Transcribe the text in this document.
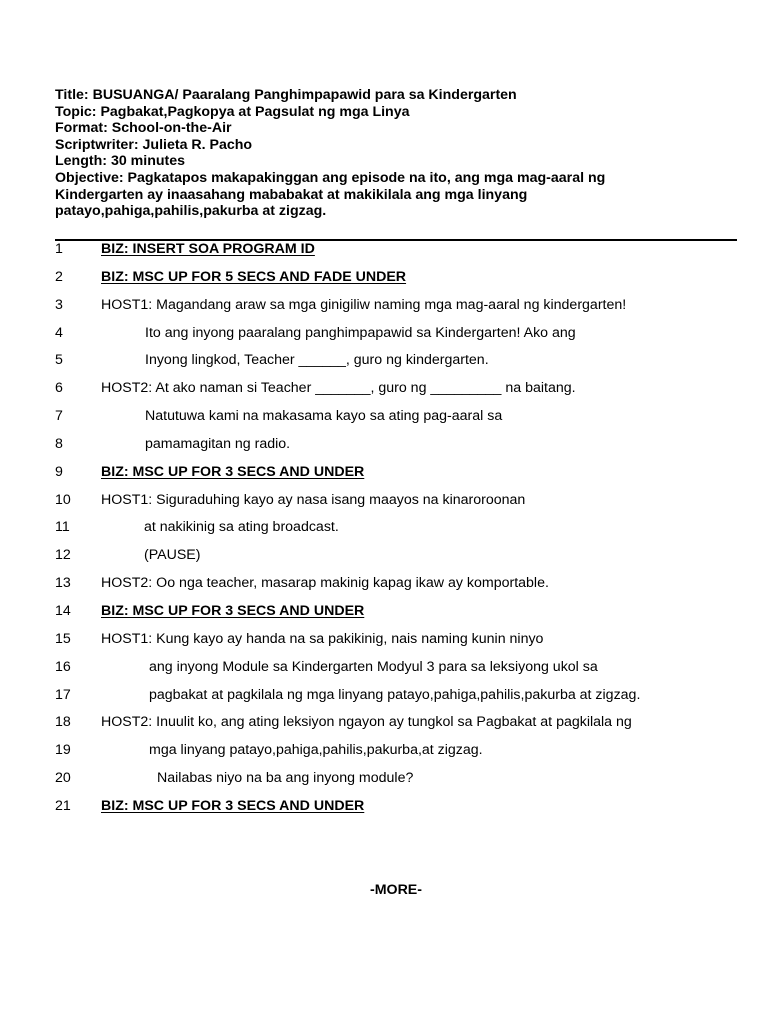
Title: BUSUANGA/ Paaralang Panghimpapawid para sa Kindergarten
Topic: Pagbakat,Pagkopya at Pagsulat ng mga Linya
Format: School-on-the-Air
Scriptwriter: Julieta R. Pacho
Length: 30 minutes
Objective: Pagkatapos makapakinggan ang episode na ito, ang mga mag-aaral ng
Kindergarten ay inaasahang mababakat at makikilala ang mga linyang
patayo,pahiga,pahilis,pakurba at zigzag.
1	BIZ: INSERT SOA PROGRAM ID
2	BIZ: MSC UP FOR 5 SECS AND FADE UNDER
3	HOST1: Magandang araw sa mga ginigiliw naming mga mag-aaral ng kindergarten!
4	Ito ang inyong paaralang panghimpapawid sa Kindergarten! Ako ang
5	Inyong lingkod, Teacher ______, guro ng kindergarten.
6	HOST2: At ako naman si Teacher _______, guro ng _________ na baitang.
7	Natutuwa kami na makasama kayo sa ating pag-aaral sa
8	pamamagitan ng radio.
9	BIZ: MSC UP FOR 3 SECS AND UNDER
10 HOST1: Siguraduhing kayo ay nasa isang maayos na kinaroroonan
11	at nakikinig sa ating broadcast.
12	(PAUSE)
13 HOST2: Oo nga teacher, masarap makinig kapag ikaw ay komportable.
14 BIZ: MSC UP FOR 3 SECS AND UNDER
15 HOST1: Kung kayo ay handa na sa pakikinig, nais naming kunin ninyo
16	ang inyong Module sa Kindergarten Modyul 3 para sa leksiyong ukol sa
17	pagbakat at pagkilala ng mga linyang patayo,pahiga,pahilis,pakurba at zigzag.
18 HOST2: Inuulit ko, ang ating leksiyon ngayon ay tungkol sa Pagbakat at pagkilala ng
19	mga linyang patayo,pahiga,pahilis,pakurba,at zigzag.
20	Nailabas niyo na ba ang inyong module?
21 BIZ: MSC UP FOR 3 SECS AND UNDER
-MORE-
